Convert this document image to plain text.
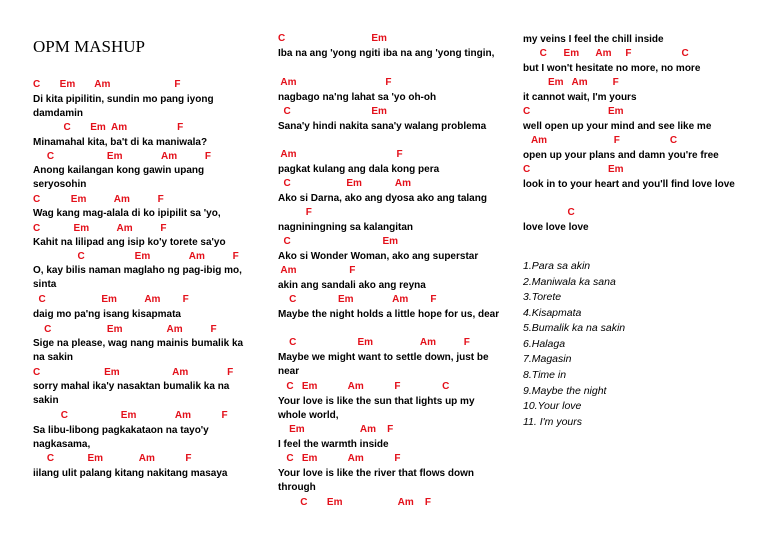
OPM MASHUP
C       Em       Am                       F
Di kita pipilitin, sundin mo pang iyong damdamin
C       Em  Am                  F
Minamahal kita, ba't di ka maniwala?
C                   Em              Am          F
Anong kailangan kong gawin upang seryosohin
C           Em          Am          F
Wag kang mag-alala di ko ipipilit sa 'yo,
C            Em          Am          F
Kahit na lilipad ang isip ko'y torete sa'yo
C                  Em              Am          F
O, kay bilis naman maglaho ng pag-ibig mo, sinta
C                    Em          Am        F
daig mo pa'ng isang kisapmata
C                    Em                Am          F
Sige na please, wag nang mainis bumalik ka na sakin
C                       Em                   Am              F
sorry mahal ika'y nasaktan bumalik ka na sakin
C                   Em              Am           F
Sa libu-libong pagkakataon na tayo'y nagkasama,
C            Em             Am           F
iilang ulit palang kitang nakitang masaya
C                               Em
Iba na ang 'yong ngiti iba na ang 'yong tingin,
Am                                F
nagbago na'ng lahat sa 'yo oh-oh
C                             Em
Sana'y hindi nakita sana'y walang problema
Am                                    F
pagkat kulang ang dala kong pera
C                    Em            Am
Ako si Darna, ako ang dyosa ako ang talang
F
nagniningning sa kalangitan
C                                 Em
Ako si Wonder Woman, ako ang superstar
Am                   F
akin ang sandali ako ang reyna
C               Em              Am        F
Maybe the night holds a little hope for us, dear
C                      Em                 Am          F
Maybe we might want to settle down, just be near
C   Em           Am           F               C
Your love is like the sun that lights up my whole world,
Em                    Am    F
I feel the warmth inside
C   Em           Am           F
Your love is like the river that flows down through
C       Em                    Am    F
my veins I feel the chill inside
C      Em      Am     F                  C
but I won't hesitate no more, no more
Em   Am         F
it cannot wait, I'm yours
C                            Em
well open up your mind and see like me
Am                        F                  C
open up your plans and damn you're free
C                            Em
look in to your heart and you'll find love love
C
love love love
1.Para sa akin
2.Maniwala ka sana
3.Torete
4.Kisapmata
5.Bumalik ka na sakin
6.Halaga
7.Magasin
8.Time in
9.Maybe the night
10.Your love
11. I'm yours
